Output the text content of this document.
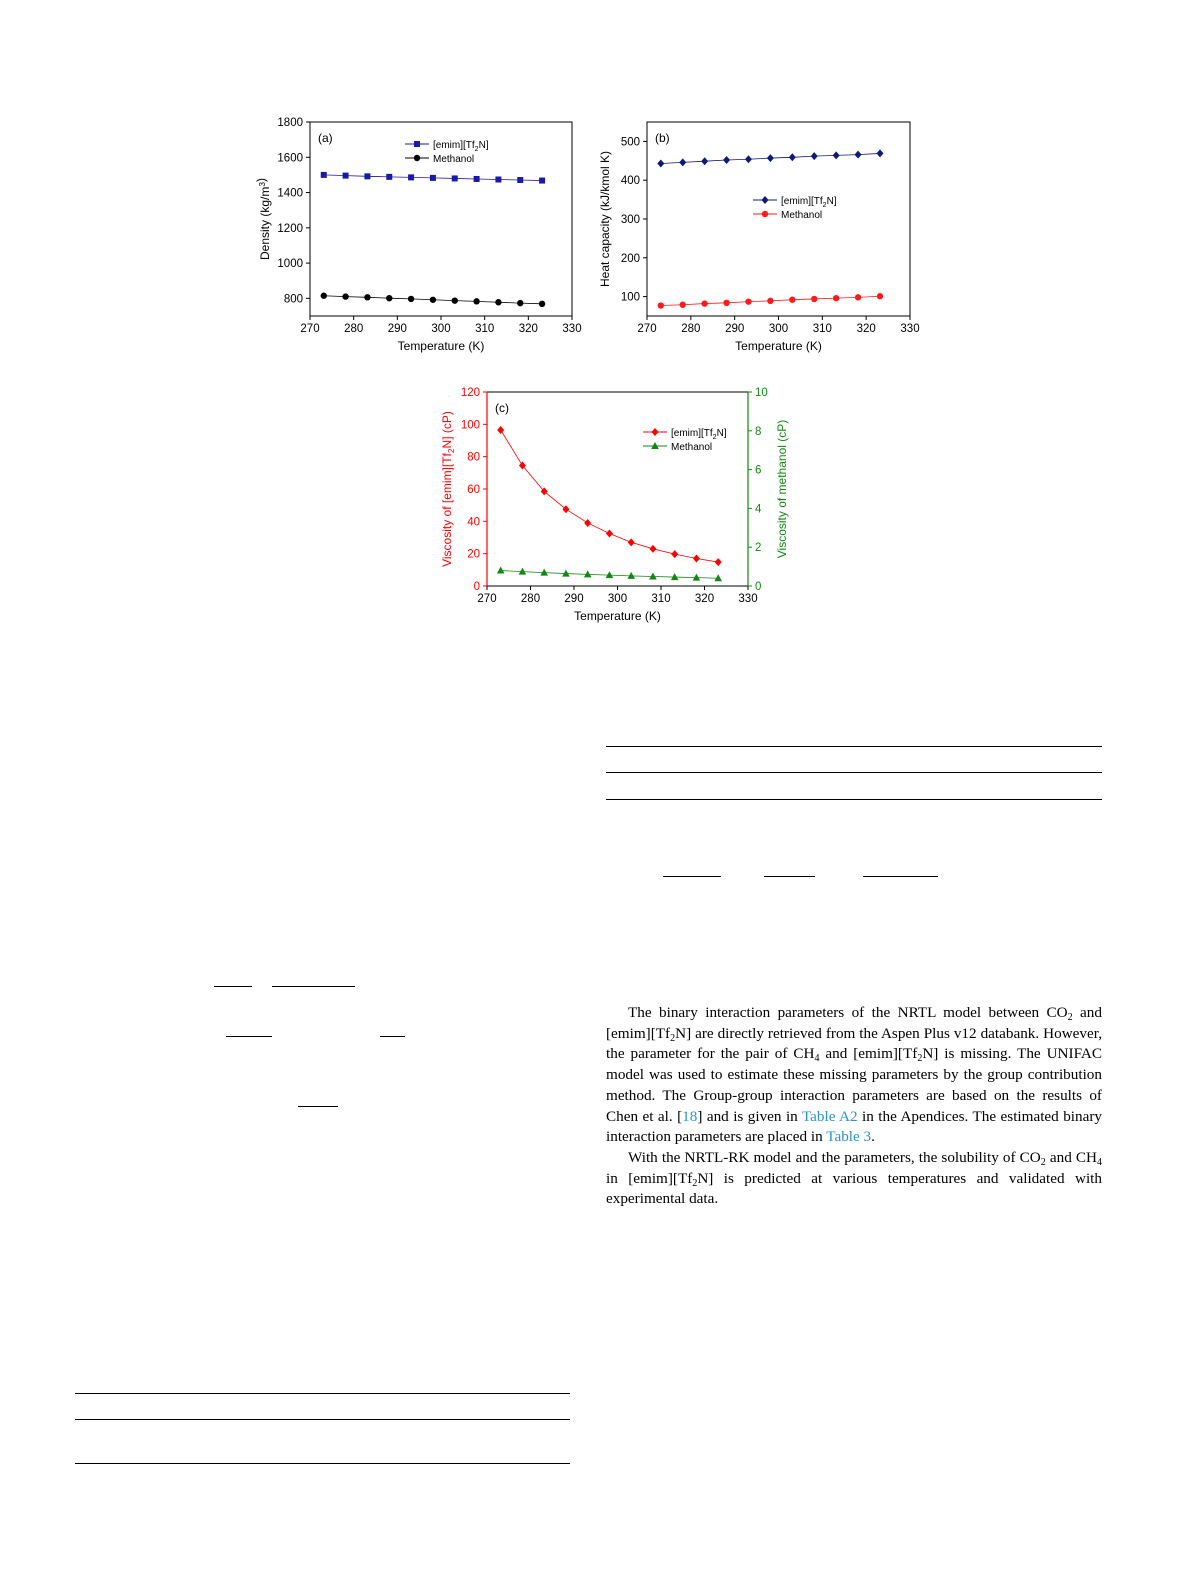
270 280 290 300 310 320 330
800
1000
1200
1400
1600
1800
Temperature (K)
Density $(kg/m^3)$
(a)
$[emim][Tf_2N]$
Methanol
270 280 290 300 310 320 330
100
200
300
400
500
Temperature (K)
Heat capacity (kJ/kmol K)
(b)
$[emim][Tf_2N]$
Methanol
270 280 290 300 310 320 330
0
20
40
60
80
100
120
0
2
4
6
8
10
Viscosity of methanol (cP)
Temperature (K)
Viscosity of $[emim][Tf_2N]$ (cP)
(c)
$[emim][Tf_2N]$
Methanol

The binary interaction parameters of the NRTL model between $CO_2$ and $[emim][Tf_2N]$ are directly retrieved from the Aspen Plus v12 databank. However, the parameter for the pair of $CH_4$ and $[emim][Tf_2N]$ is missing. The UNIFAC model was used to estimate these missing parameters by the group contribution method. The Group-group interaction parameters are based on the results of Chen et al. [18] and is given in Table A2 in the Apendices. The estimated binary interaction parameters are placed in Table 3.

With the NRTL-RK model and the parameters, the solubility of $CO_2$ and $CH_4$ in $[emim][Tf_2N]$ is predicted at various temperatures and validated with experimental data.
